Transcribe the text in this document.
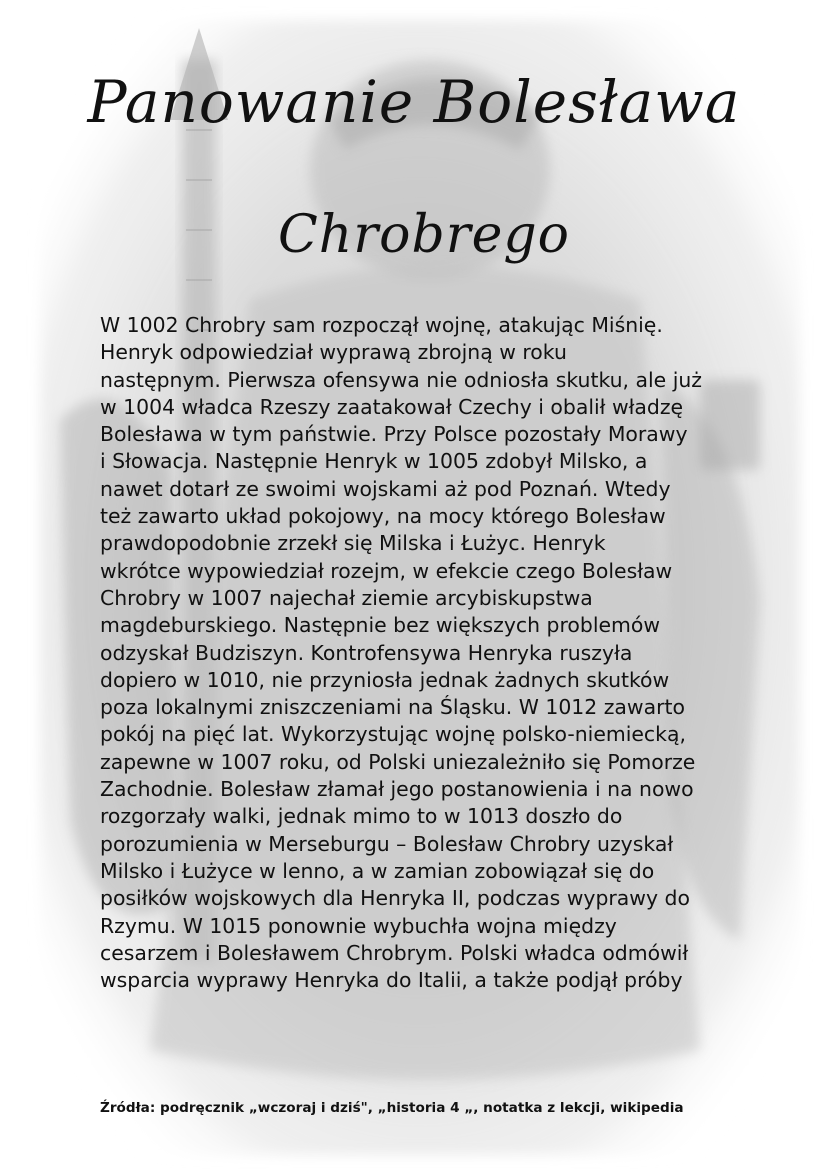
Panowanie Bolesława
Chrobrego
W 1002 Chrobry sam rozpoczął wojnę, atakując Miśnię.
Henryk odpowiedział wyprawą zbrojną w roku
następnym. Pierwsza ofensywa nie odniosła skutku, ale już
w 1004 władca Rzeszy zaatakował Czechy i obalił władzę
Bolesława w tym państwie. Przy Polsce pozostały Morawy
i Słowacja. Następnie Henryk w 1005 zdobył Milsko, a
nawet dotarł ze swoimi wojskami aż pod Poznań. Wtedy
też zawarto układ pokojowy, na mocy którego Bolesław
prawdopodobnie zrzekł się Milska i Łużyc. Henryk
wkrótce wypowiedział rozejm, w efekcie czego Bolesław
Chrobry w 1007 najechał ziemie arcybiskupstwa
magdeburskiego. Następnie bez większych problemów
odzyskał Budziszyn. Kontrofensywa Henryka ruszyła
dopiero w 1010, nie przyniosła jednak żadnych skutków
poza lokalnymi zniszczeniami na Śląsku. W 1012 zawarto
pokój na pięć lat. Wykorzystując wojnę polsko-niemiecką,
zapewne w 1007 roku, od Polski uniezależniło się Pomorze
Zachodnie. Bolesław złamał jego postanowienia i na nowo
rozgorzały walki, jednak mimo to w 1013 doszło do
porozumienia w Merseburgu – Bolesław Chrobry uzyskał
Milsko i Łużyce w lenno, a w zamian zobowiązał się do
posiłków wojskowych dla Henryka II, podczas wyprawy do
Rzymu. W 1015 ponownie wybuchła wojna między
cesarzem i Bolesławem Chrobrym. Polski władca odmówił
wsparcia wyprawy Henryka do Italii, a także podjął próby
Źródła: podręcznik „wczoraj i dziś", „historia 4 „, notatka z lekcji, wikipedia
